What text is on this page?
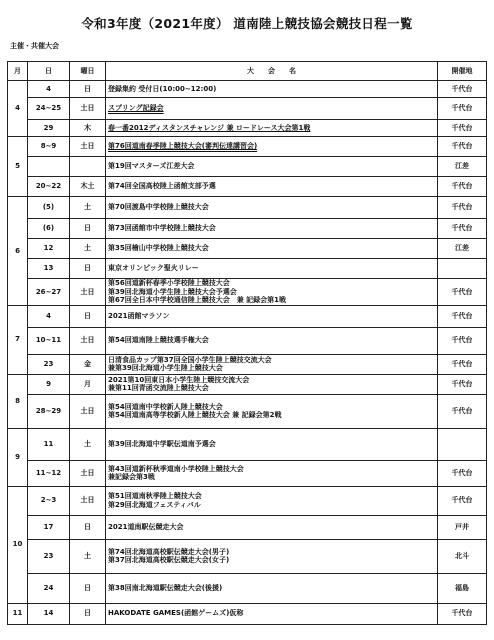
令和3年度（2021年度） 道南陸上競技協会競技日程一覧
主催・共催大会
月	日	曜日	大　　会　　名	開催地
4	4	日	登録集約 受付日(10:00~12:00)	千代台
	24~25	土日	スプリング記録会	千代台
	29	木	春一番2012ディスタンスチャレンジ 兼 ロードレース大会第1戦	千代台
5	8~9	土日	第76回道南春季陸上競技大会(審判伝達講習会)	千代台

			第19回マスターズ江差大会	江差
	20~22	木土	第74回全国高校陸上函館支部予選	千代台
6	(5)	土	第70回渡島中学校陸上競技大会	千代台
	(6)	日	第73回函館市中学校陸上競技大会	千代台
	12	土	第35回檜山中学校陸上競技大会	江差
	13	日	東京オリンピック聖火リレー	

	26~27	土日	第56回道新杯春季小学校陸上競技大会
第39回北海道小学生陸上競技大会予選会
第67回全日本中学校通信陸上競技大会　兼 記録会第1戦	千代台
7	4	日	2021函館マラソン	千代台
	10~11	土日	第54回道南陸上競技選手権大会	千代台
	23	金	日清食品カップ第37回全国小学生陸上競技交流大会
兼第39回北海道小学生陸上競技大会	千代台
8	9	月	2021第10回東日本小学生陸上競技交流大会
兼第11回青函交流陸上競技大会	千代台
	28~29	土日	第54回道南中学校新人陸上競技大会
第54回道南高等学校新人陸上競技大会 兼 記録会第2戦	千代台
9	11	土	第39回北海道中学駅伝道南予選会	

	11~12	土日	第43回道新杯秋季道南小学校陸上競技大会
兼記録会第3戦	千代台
10	2~3	土日	第51回道南秋季陸上競技大会
第29回北海道フェスティバル	千代台
	17	日	2021道南駅伝競走大会	戸井
	23	土	第74回北海道高校駅伝競走大会(男子)
第37回北海道高校駅伝競走大会(女子)	北斗
	24	日	第38回南北海道駅伝競走大会(後援)	福島
11	14	日	HAKODATE GAMES(函館ゲームズ)仮称	千代台
